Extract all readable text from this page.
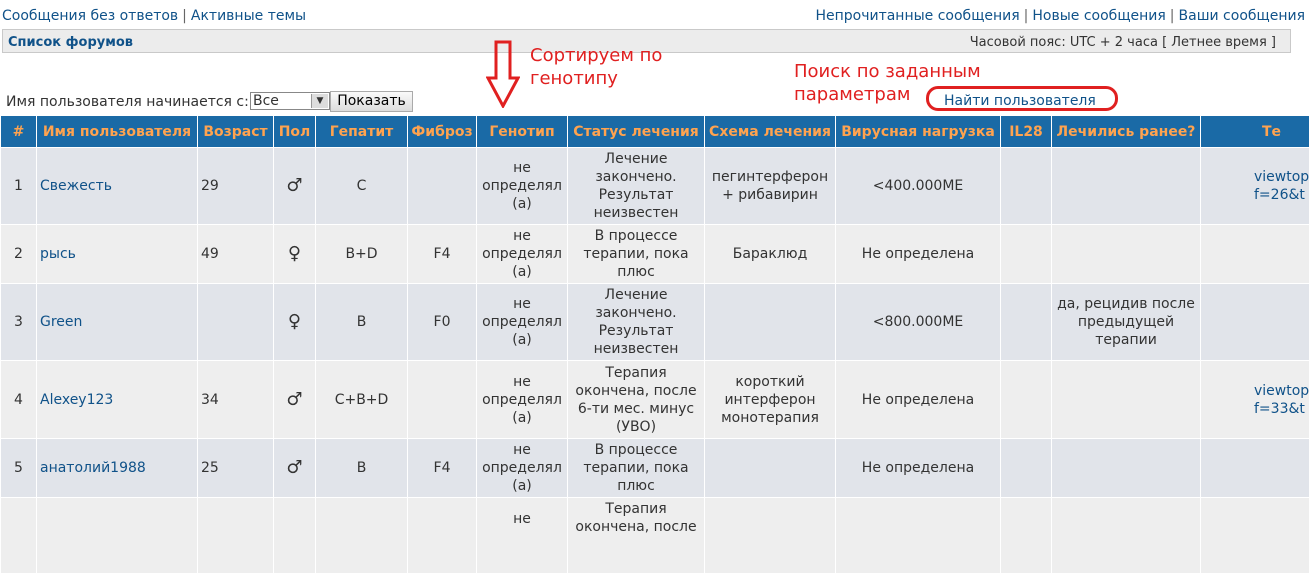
Сообщения без ответов | Активные темы	Непрочитанные сообщения | Новые сообщения | Ваши сообщения
Список форумов	Часовой пояс: UTC + 2 часа [ Летнее время ]
Сортируем по генотипу	Поиск по заданным параметрам
Имя пользователя начинается с: Все	▼ Показать	Найти пользователя
#	Имя пользователя	Возраст	Пол	Гепатит	Фиброз	Генотип	Статус лечения	Схема лечения	Вирусная нагрузка	IL28	Лечились ранее?	Те
1	Свежесть	29	♂	C		не определял (а)	Лечение закончено. Результат неизвестен	пегинтерферон + рибавирин	<400.000МЕ			viewtop f=26&t

2	рысь	49	♀	B+D	F4	не определял (а)	В процессе терапии, пока плюс	Бараклюд	Не определена			
3	Green		♀	B	F0	не определял (а)	Лечение закончено. Результат неизвестен		<800.000МЕ		да, рецидив после предыдущей терапии	
4	Alexey123	34	♂	C+B+D		не определял (а)	Терапия окончена, после 6-ти мес. минус (УВО)	короткий интерферон монотерапия	Не определена			viewtop f=33&t

5	анатолий1988	25	♂	B	F4	не определял (а)	В процессе терапии, пока плюс		Не определена			
						не	Терапия окончена, после					
